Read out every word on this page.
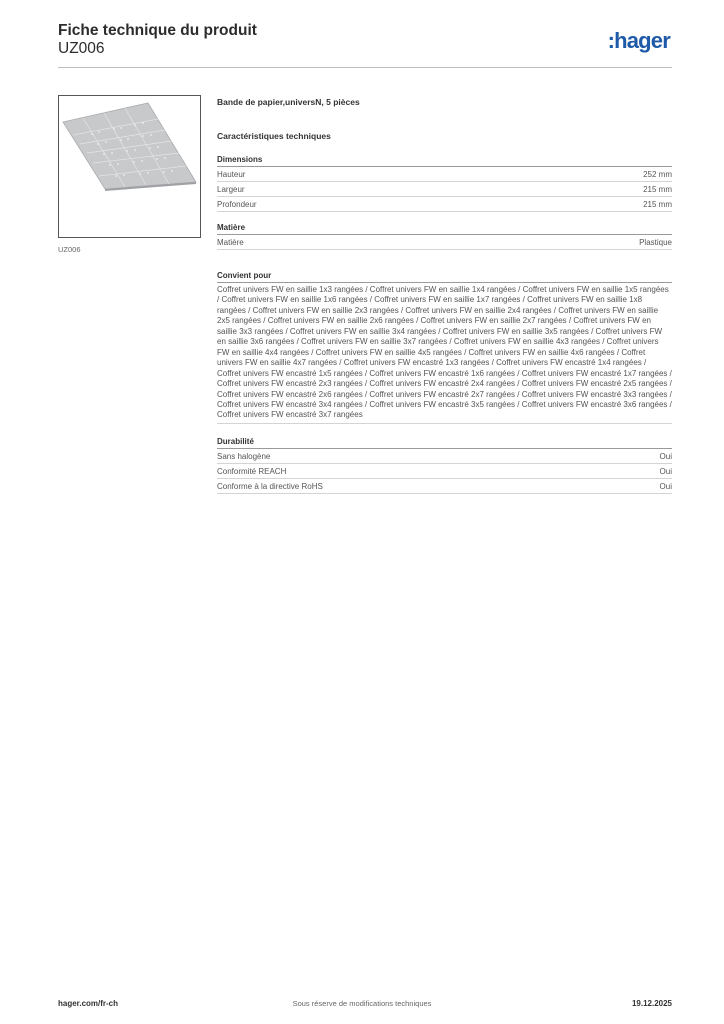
Fiche technique du produit
UZ006	:hager
UZ006
Bande de papier,universN, 5 pièces
Caractéristiques techniques
Dimensions
Hauteur	252 mm
Largeur	215 mm
Profondeur	215 mm
Matière
Matière	Plastique
Convient pour
Coffret univers FW en saillie 1x3 rangées / Coffret univers FW en saillie 1x4 rangées / Coffret univers FW en saillie 1x5 rangées / Coffret univers FW en saillie 1x6 rangées / Coffret univers FW en saillie 1x7 rangées / Coffret univers FW en saillie 1x8 rangées / Coffret univers FW en saillie 2x3 rangées / Coffret univers FW en saillie 2x4 rangées / Coffret univers FW en saillie 2x5 rangées / Coffret univers FW en saillie 2x6 rangées / Coffret univers FW en saillie 2x7 rangées / Coffret univers FW en saillie 3x3 rangées / Coffret univers FW en saillie 3x4 rangées / Coffret univers FW en saillie 3x5 rangées / Coffret univers FW en saillie 3x6 rangées / Coffret univers FW en saillie 3x7 rangées / Coffret univers FW en saillie 4x3 rangées / Coffret univers FW en saillie 4x4 rangées / Coffret univers FW en saillie 4x5 rangées / Coffret univers FW en saillie 4x6 rangées / Coffret univers FW en saillie 4x7 rangées / Coffret univers FW encastré 1x3 rangées / Coffret univers FW encastré 1x4 rangées / Coffret univers FW encastré 1x5 rangées / Coffret univers FW encastré 1x6 rangées / Coffret univers FW encastré 1x7 rangées / Coffret univers FW encastré 2x3 rangées / Coffret univers FW encastré 2x4 rangées / Coffret univers FW encastré 2x5 rangées / Coffret univers FW encastré 2x6 rangées / Coffret univers FW encastré 2x7 rangées / Coffret univers FW encastré 3x3 rangées / Coffret univers FW encastré 3x4 rangées / Coffret univers FW encastré 3x5 rangées / Coffret univers FW encastré 3x6 rangées / Coffret univers FW encastré 3x7 rangées
Durabilité
Sans halogène	Oui
Conformité REACH	Oui
Conforme à la directive RoHS	Oui
hager.com/fr-ch	Sous réserve de modifications techniques	19.12.2025
